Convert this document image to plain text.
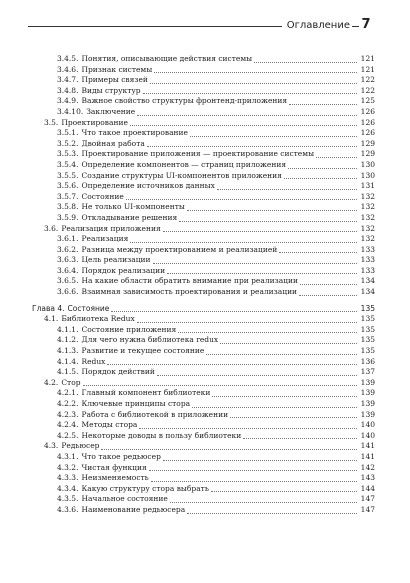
Оглавление 7
3.4.5. Понятия, описывающие действия системы	121
3.4.6. Признак системы	121
3.4.7. Примеры связей	122
3.4.8. Виды структур	122
3.4.9. Важное свойство структуры фронтенд-приложения	125
3.4.10. Заключение	126
3.5. Проектирование	126
3.5.1. Что такое проектирование	126
3.5.2. Двойная работа	129
3.5.3. Проектирование приложения — проектирование системы	129
3.5.4. Определение компонентов — страниц приложения	130
3.5.5. Создание структуры UI-компонентов приложения	130
3.5.6. Определение источников данных	131
3.5.7. Состояние	132
3.5.8. Не только UI-компоненты	132
3.5.9. Откладывание решения	132
3.6. Реализация приложения	132
3.6.1. Реализация	132
3.6.2. Разница между проектированием и реализацией	133
3.6.3. Цель реализации	133
3.6.4. Порядок реализации	133
3.6.5. На какие области обратить внимание при реализации	134
3.6.6. Взаимная зависимость проектирования и реализации	134
Глава 4. Состояние	135
4.1. Библиотека Redux	135
4.1.1. Состояние приложения	135
4.1.2. Для чего нужна библиотека redux	135
4.1.3. Развитие и текущее состояние	135
4.1.4. Redux	136
4.1.5. Порядок действий	137
4.2. Стор	139
4.2.1. Главный компонент библиотеки	139
4.2.2. Ключевые принципы стора	139
4.2.3. Работа с библиотекой в приложении	139
4.2.4. Методы стора	140
4.2.5. Некоторые доводы в пользу библиотеки	140
4.3. Редьюсер	141
4.3.1. Что такое редьюсер	141
4.3.2. Чистая функция	142
4.3.3. Неизменяемость	143
4.3.4. Какую структуру стора выбрать	144
4.3.5. Начальное состояние	147
4.3.6. Наименование редьюсера	147
